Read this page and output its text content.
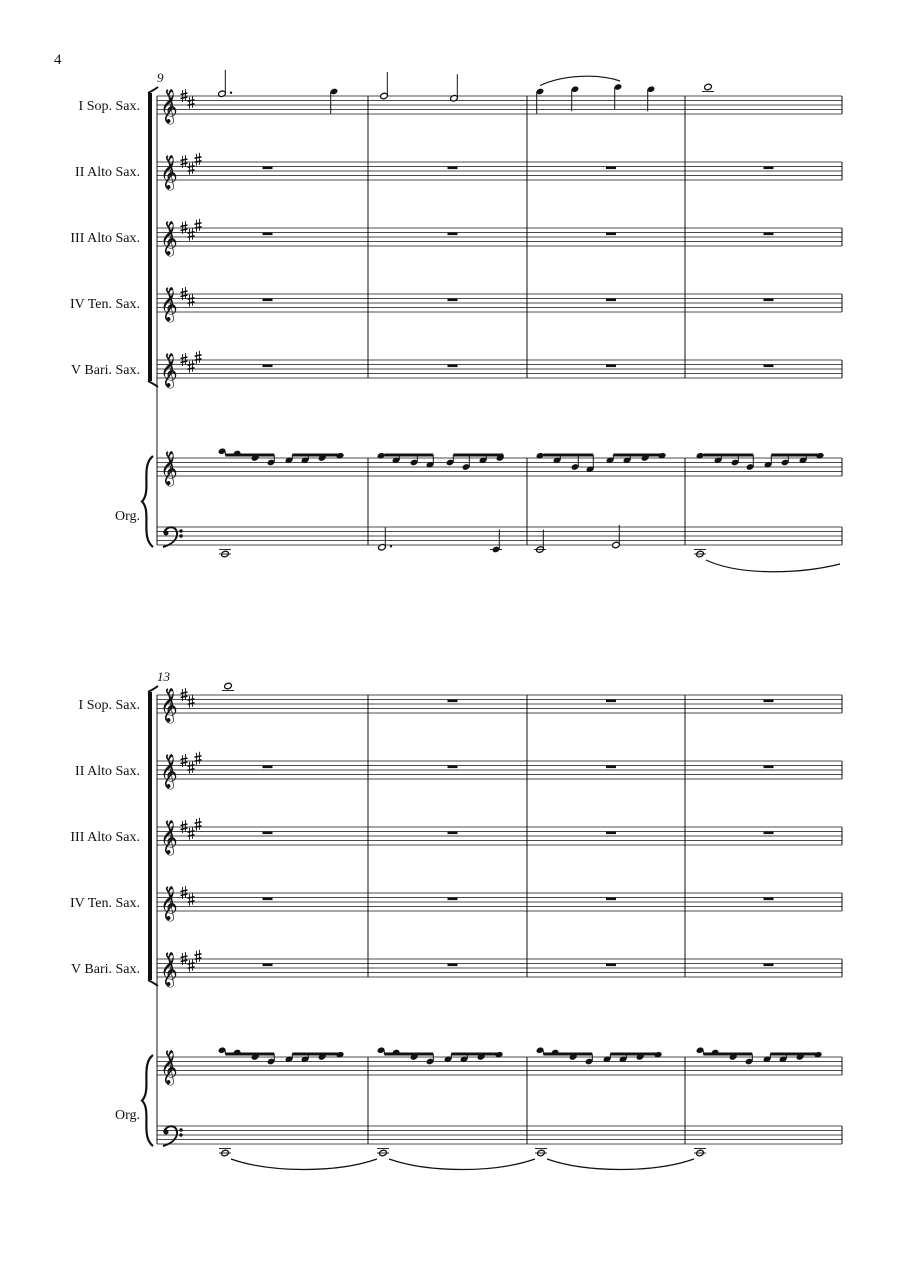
4
I Sop. Sax.
II Alto Sax.
III Alto Sax.
IV Ten. Sax.
V Bari. Sax.
Org.
9
𝄞
𝄞
𝄞
𝄞
𝄞
𝄞
I Sop. Sax.
II Alto Sax.
III Alto Sax.
IV Ten. Sax.
V Bari. Sax.
Org.
13
𝄞
𝄞
𝄞
𝄞
𝄞
𝄞
